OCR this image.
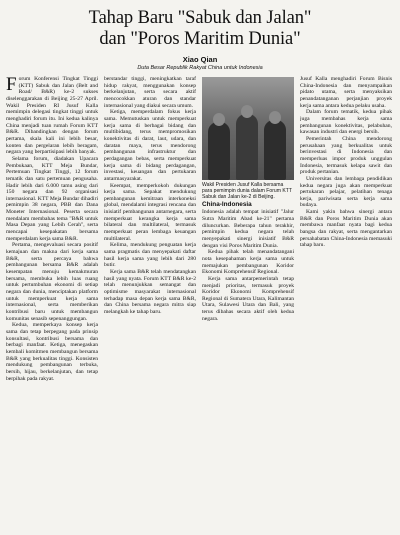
Tahap Baru "Sabuk dan Jalan"
dan "Poros Maritim Dunia"
Xiao Qian
Duta Besar Republik Rakyat China untuk Indonesia

Forum Konferensi Tingkat Tinggi (KTT) Sabuk dan Jalan (Belt and Road/ B&R) ke-2 sukses diselenggarakan di Beijing 25-27 April. Wakil Presiden RI Jusuf Kalla memimpin delegasi tingkat tinggi untuk menghadiri forum itu. Ini kedua kalinya China menjadi tuan rumah Forum KTT B&R. Dibandingkan dengan forum pertama, skala kali ini lebih besar, konten dan pergelaran lebih beragam, negara yang berpartisipasi lebih banyak.

Selama forum, diadakan Upacara Pembukaan, KTT Meja Bundar, Pertemuan Tingkat Tinggi, 12 forum tematik dan satu pertemuan pengusaha. Hadir lebih dari 6.000 tamu asing dari 150 negara dan 92 organisasi internasional. KTT Meja Bundar dihadiri pemimpin 38 negara, PBB dan Dana Moneter Internasional. Peserta secara mendalam membahas tema "B&R untuk Masa Depan yang Lebih Cerah", serta mencapai kesepakatan bersama memperdalam kerja sama B&R.

Pertama, mengevaluasi secara positif kemajuan dan makna dari kerja sama B&R, serta percaya bahwa pembangunan bersama B&R adalah kesempatan menuju kemakmuran bersama, membuka lebih luas ruang untuk pertumbuhan ekonomi di setiap negara dan dunia, menciptakan platform untuk memperkuat kerja sama internasional, serta memberikan kontribusi baru untuk membangun komunitas senasib sepenanggungan.

Kedua, memperkaya konsep kerja sama dan tetap berpegang pada prinsip konsultasi, kontribusi bersama dan berbagi manfaat. Ketiga, menegaskan kembali komitmen membangun bersama B&R yang berkualitas tinggi. Konsisten mendukung pembangunan terbuka, bersih, hijau, berkelanjutan, dan tetap berpihak pada rakyat.

berstandar tinggi, meningkatkan taraf hidup rakyat, menggunakan konsep berkelanjutan, serta secara aktif mencocokkan aturan dan standar internasional yang diakui secara umum.

Ketiga, memperdalam fokus kerja sama. Memutuskan untuk memperkuat kerja sama di berbagai bidang dan multibidang, terus mempromosikan konektivitas di darat, laut, udara, dan daratan maya, terus mendorong pembangunan infrastruktur dan perdagangan bebas, serta memperkuat kerja sama di bidang perdagangan, investasi, keuangan dan pertukaran antarmasyarakat.

Keempat, memperkokoh dukungan kerja sama. Sepakat mendukung pembangunan kemitraan interkoneksi global, mendalami integrasi rencana dan inisiatif pembangunan antarnegara, serta memperkuat kerangka kerja sama bilateral dan multilateral, termasuk memperkuat peran lembaga keuangan multilateral.

Kelima, mendukung penguatan kerja sama pragmatis dan menyepakati daftar hasil kerja sama yang lebih dari 280 butir.

Kerja sama B&R telah mendatangkan hasil yang nyata. Forum KTT B&R ke-2 telah menunjukkan semangat dan optimisme masyarakat internasional terhadap masa depan kerja sama B&R, dan China bersama negara mitra siap melangkah ke tahap baru.

Wakil Presiden Jusuf Kalla bersama para pemimpin dunia dalam Forum KTT Sabuk dan Jalan ke-2 di Beijing.

China-Indonesia

Indonesia adalah tempat inisiatif "Jalur Sutra Maritim Abad ke-21" pertama diluncurkan. Beberapa tahun terakhir, pemimpin kedua negara telah menyepakati sinergi inisiatif B&R dengan visi Poros Maritim Dunia.

Kedua pihak telah menandatangani nota kesepahaman kerja sama untuk memajukan pembangunan Koridor Ekonomi Komprehensif Regional.

Kerja sama antarpemerintah tetap menjadi prioritas, termasuk proyek Koridor Ekonomi Komprehensif Regional di Sumatera Utara, Kalimantan Utara, Sulawesi Utara dan Bali, yang terus dibahas secara aktif oleh kedua negara.

Jusuf Kalla menghadiri Forum Bisnis China-Indonesia dan menyampaikan pidato utama, serta menyaksikan penandatanganan perjanjian proyek kerja sama antara kedua pelaku usaha.

Dalam forum tematik, kedua pihak juga membahas kerja sama pembangunan konektivitas, pelabuhan, kawasan industri dan energi bersih.

Pemerintah China mendorong perusahaan yang berkualitas untuk berinvestasi di Indonesia dan memperluas impor produk unggulan Indonesia, termasuk kelapa sawit dan produk pertanian.

Universitas dan lembaga pendidikan kedua negara juga akan memperkuat pertukaran pelajar, pelatihan tenaga kerja, pariwisata serta kerja sama budaya.

Kami yakin bahwa sinergi antara B&R dan Poros Maritim Dunia akan membawa manfaat nyata bagi kedua bangsa dan rakyat, serta mengantarkan persahabatan China-Indonesia memasuki tahap baru.
